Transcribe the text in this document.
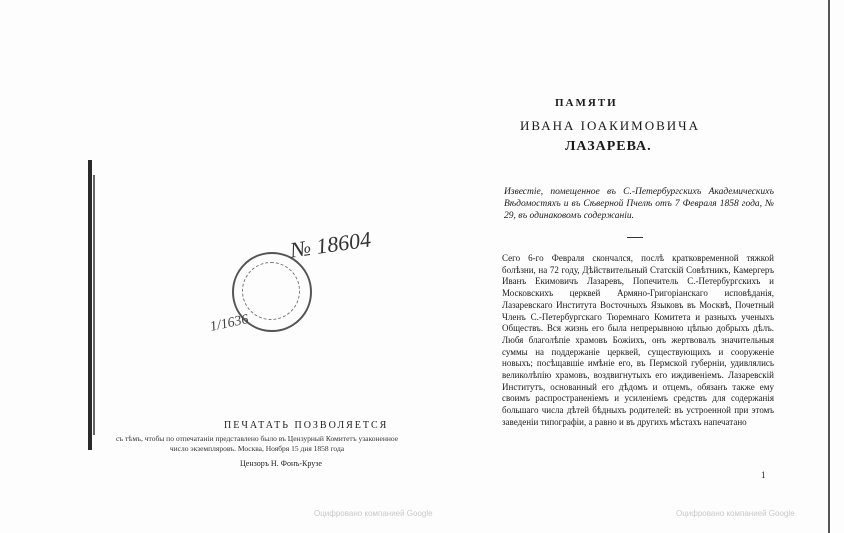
№ 18604
1/1636
ПЕЧАТАТЬ ПОЗВОЛЯЕТСЯ
съ тѣмъ, чтобы по отпечатаніи представлено было въ Цензурный Комитетъ узаконенное число экземпляровъ. Москва, Ноября 15 дня 1858 года
Цензоръ Н. Фонъ-Крузе
ПАМЯТИ
ИВАНА ІОАКИМОВИЧА
ЛАЗАРЕВА.
Известіе, помещенное въ С.-Петербургскихъ Академическихъ Вѣдомостяхъ и въ Сѣверной Пчелѣ отъ 7 Февраля 1858 года, № 29, въ одинаковомъ содержаніи.
Сего 6-го Февраля скончался, послѣ кратковременной тяжкой болѣзни, на 72 году, Дѣйствительный Статскій Совѣтникъ, Камергеръ Иванъ Екимовичъ Лазаревъ, Попечитель С.-Петербургскихъ и Московскихъ церквей Армяно-Григоріанскаго исповѣданія, Лазаревскаго Института Восточныхъ Языковъ въ Москвѣ, Почетный Членъ С.-Петербургскаго Тюремнаго Комитета и разныхъ ученыхъ Обществъ. Вся жизнь его была непрерывною цѣпью добрыхъ дѣлъ. Любя благолѣпіе храмовъ Божіихъ, онъ жертвовалъ значительныя суммы на поддержаніе церквей, существующихъ и сооруженіе новыхъ; посѣщавшіе имѣніе его, въ Пермской губерніи, удивлялись великолѣпію храмовъ, воздвигнутыхъ его иждивеніемъ. Лазаревскій Институтъ, основанный его дѣдомъ и отцемъ, обязанъ также ему своимъ распространеніемъ и усиленіемъ средствъ для содержанія большаго числа дѣтей бѣдныхъ родителей: въ устроенной при этомъ заведеніи типографіи, а равно и въ другихъ мѣстахъ напечатано
1
Оцифровано компанией Google	Оцифровано компанией Google
